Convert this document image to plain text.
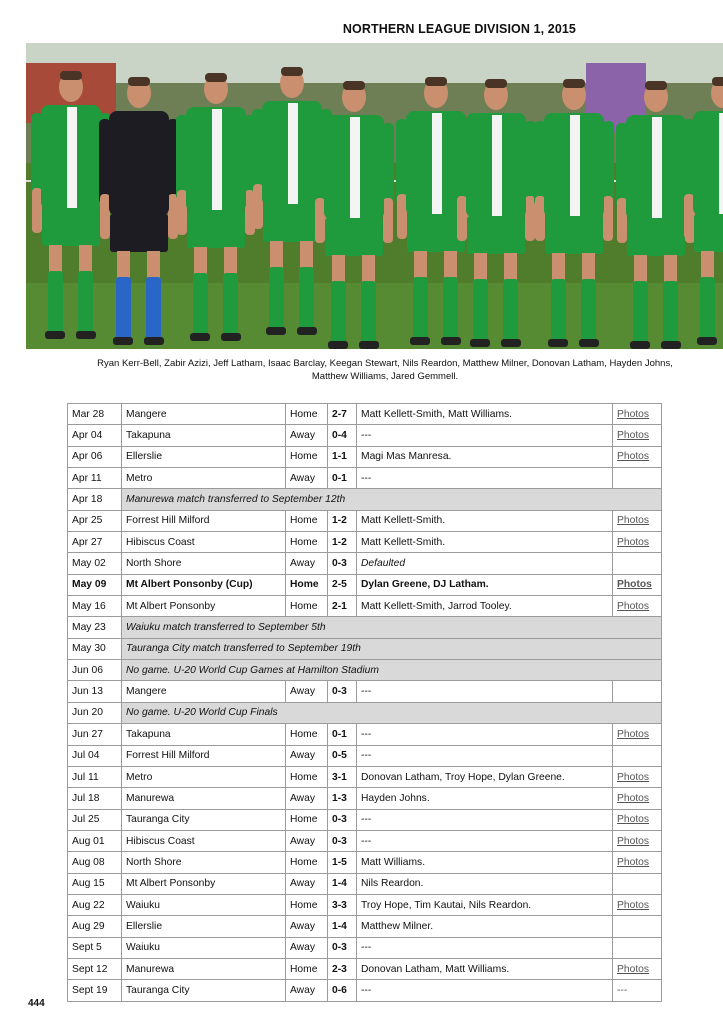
NORTHERN LEAGUE DIVISION 1, 2015
Ryan Kerr-Bell, Zabir Azizi, Jeff Latham, Isaac Barclay, Keegan Stewart, Nils Reardon, Matthew Milner, Donovan Latham, Hayden Johns,
Matthew Williams, Jared Gemmell.
Mar 28	Mangere	Home	2-7	Matt Kellett-Smith, Matt Williams.	Photos
Apr 04	Takapuna	Away	0-4	---	Photos
Apr 06	Ellerslie	Home	1-1	Magi Mas Manresa.	Photos
Apr 11	Metro	Away	0-1	---	
Apr 18	Manurewa match transferred to September 12th				
Apr 25	Forrest Hill Milford	Home	1-2	Matt Kellett-Smith.	Photos
Apr 27	Hibiscus Coast	Home	1-2	Matt Kellett-Smith.	Photos
May 02	North Shore	Away	0-3	Defaulted	
May 09	Mt Albert Ponsonby (Cup)	Home	2-5	Dylan Greene, DJ Latham.	Photos
May 16	Mt Albert Ponsonby	Home	2-1	Matt Kellett-Smith, Jarrod Tooley.	Photos
May 23	Waiuku match transferred to September 5th				
May 30	Tauranga City match transferred to September 19th				
Jun 06	No game. U-20 World Cup Games at Hamilton Stadium				
Jun 13	Mangere	Away	0-3	---	
Jun 20	No game. U-20 World Cup Finals				
Jun 27	Takapuna	Home	0-1	---	Photos
Jul 04	Forrest Hill Milford	Away	0-5	---	
Jul 11	Metro	Home	3-1	Donovan Latham, Troy Hope, Dylan Greene.	Photos
Jul 18	Manurewa	Away	1-3	Hayden Johns.	Photos
Jul 25	Tauranga City	Home	0-3	---	Photos
Aug 01	Hibiscus Coast	Away	0-3	---	Photos
Aug 08	North Shore	Home	1-5	Matt Williams.	Photos
Aug 15	Mt Albert Ponsonby	Away	1-4	Nils Reardon.	
Aug 22	Waiuku	Home	3-3	Troy Hope, Tim Kautai, Nils Reardon.	Photos
Aug 29	Ellerslie	Away	1-4	Matthew Milner.	
Sept 5	Waiuku	Away	0-3	---	
Sept 12	Manurewa	Home	2-3	Donovan Latham, Matt Williams.	Photos
Sept 19	Tauranga City	Away	0-6	---	---
444
